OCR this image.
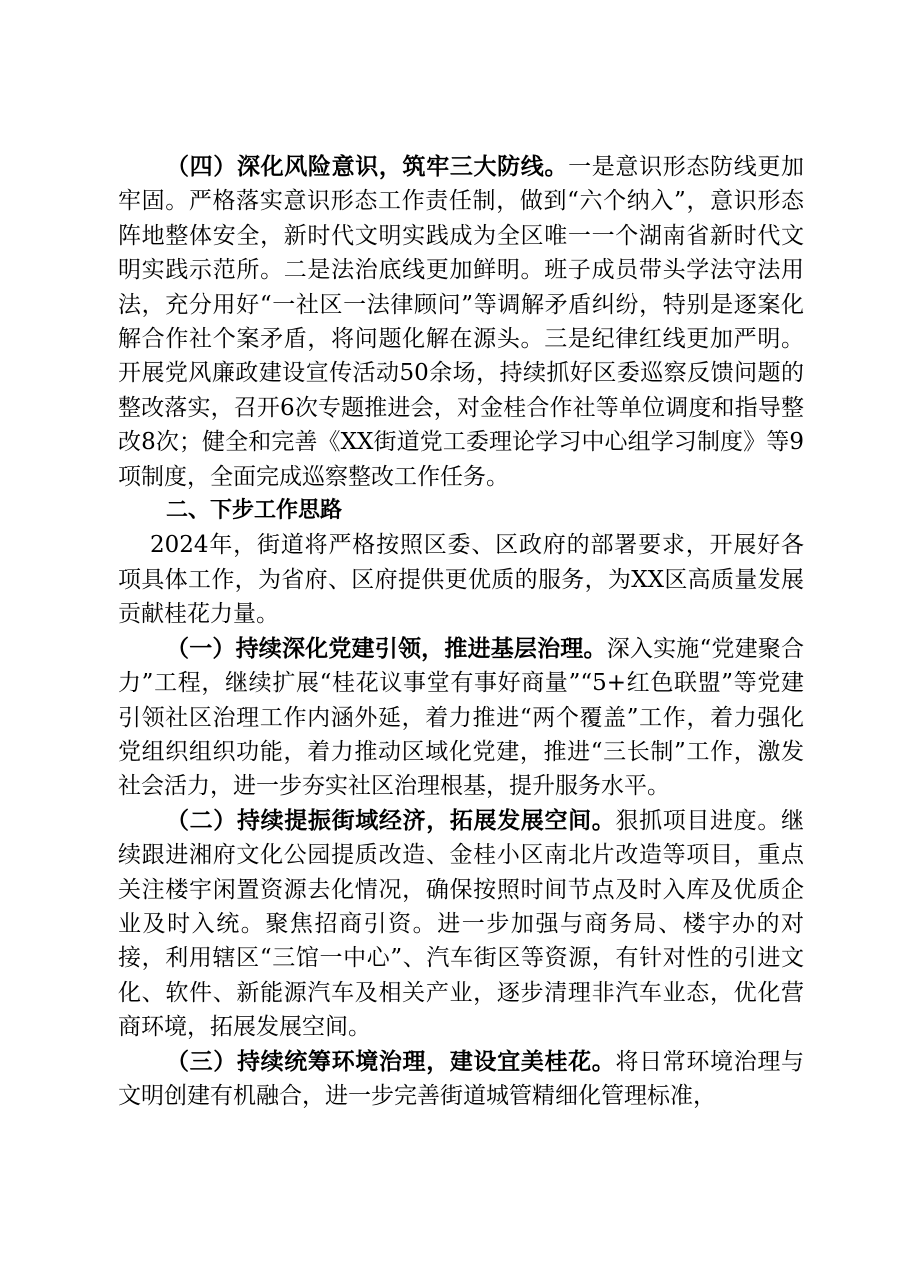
（四）深化风险意识，筑牢三大防线。一是意识形态防线更加牢固。严格落实意识形态工作责任制，做到“六个纳入”，意识形态阵地整体安全，新时代文明实践成为全区唯一一个湖南省新时代文明实践示范所。二是法治底线更加鲜明。班子成员带头学法守法用法，充分用好“一社区一法律顾问”等调解矛盾纠纷，特别是逐案化解合作社个案矛盾，将问题化解在源头。三是纪律红线更加严明。开展党风廉政建设宣传活动50余场，持续抓好区委巡察反馈问题的整改落实，召开6次专题推进会，对金桂合作社等单位调度和指导整改8次；健全和完善《XX街道党工委理论学习中心组学习制度》等9项制度，全面完成巡察整改工作任务。

二、下步工作思路

2024年，街道将严格按照区委、区政府的部署要求，开展好各项具体工作，为省府、区府提供更优质的服务，为XX区高质量发展贡献桂花力量。

（一）持续深化党建引领，推进基层治理。深入实施“党建聚合力”工程，继续扩展“桂花议事堂有事好商量”“5+红色联盟”等党建引领社区治理工作内涵外延，着力推进“两个覆盖”工作，着力强化党组织组织功能，着力推动区域化党建，推进“三长制”工作，激发社会活力，进一步夯实社区治理根基，提升服务水平。

（二）持续提振街域经济，拓展发展空间。狠抓项目进度。继续跟进湘府文化公园提质改造、金桂小区南北片改造等项目，重点关注楼宇闲置资源去化情况，确保按照时间节点及时入库及优质企业及时入统。聚焦招商引资。进一步加强与商务局、楼宇办的对接，利用辖区“三馆一中心”、汽车街区等资源，有针对性的引进文化、软件、新能源汽车及相关产业，逐步清理非汽车业态，优化营商环境，拓展发展空间。

（三）持续统筹环境治理，建设宜美桂花。将日常环境治理与文明创建有机融合，进一步完善街道城管精细化管理标准，
